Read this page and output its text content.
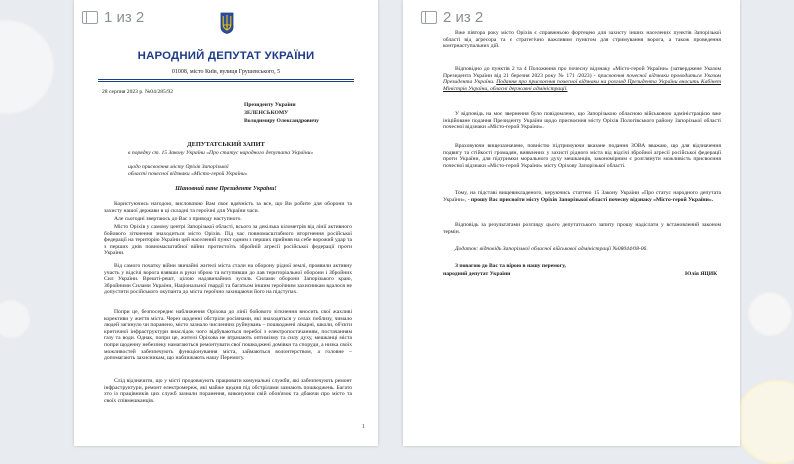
1 из 2
НАРОДНИЙ ДЕПУТАТ УКРАЇНИ
01008, місто Київ, вулиця Грушевського, 5
28 серпня 2023 р. №04/285/92
Президенту України
ЗЕЛЕНСЬКОМУ
Володимиру Олександровичу
ДЕПУТАТСЬКИЙ ЗАПИТ
в порядку ст. 15 Закону України «Про статус народного депутата України»
щодо присвоєння місту Оріхів Запорізької
області почесної відзнаки «Місто-герой України»
Шановний пане Президенте України!
Користуючись нагодою, висловлюю Вам своє вдячність за все, що Ви робите для оборони та захисту нашої держави в ці складні та героїчні для України часи.
Але сьогодні звертаюсь до Вас з приводу наступного.
Місто Оріхів у самому центрі Запорізької області, всього за декілька кілометрів від лінії активного бойового зіткнення знаходиться місто Оріхів. Під час повномасштабного вторгнення російської федерації на територію України цей населений пункт одним з перших прийняв на себе ворожий удар та з перших днів повномасштабної війни протистоїть збройній агресії російської федерації проти України.
Від самого початку війни звичайні жителі міста стали на оборону рідної землі, проявили активну участь у відсічі ворога взявши в руки зброю та вступивши до лав територіальної оборони і Збройних Сил України. Врешті-решт, цілою надзвичайних зусиль Силами оборони Запорізького краю, Збройними Силами України, Національної гвардії та багатьом іншим героїчним захисникам вдалося не допустити російського окупанта до міста героїчно захищаючи його на підступах.
Попри це, безпосереднє наближення Оріхова до лінії бойового зіткнення вносить свої жахливі корективи у життя міста. Через щоденні обстріли росіянами, які знаходяться у селах поблизу, чимало людей загинуло чи поранено, місто зазнало численних руйнувань – пошкоджені лікарні, школи, об'єкти критичної інфраструктури внаслідок чого відбуваються перебої з електропостачанням, постачанням газу та води. Однак, попри це, жителі Оріхова не втрачають оптимізму та силу духу, мешканці міста попри щоденну небезпеку намагаються ремонтувати свої пошкоджені домівки та споруди, а низка своїх можливостей забезпечують функціонування міста, займаються волонтерством, а головне – допомагають захисникам, що наближають нашу Перемогу.
Слід відзначити, що у місті продовжують працювати комунальні служби, які забезпечують ремонт інфраструктури, ремонт електромереж, які майже щодня під обстрілами зазнають пошкоджень. Багато хто із працівників цих служб зазнали поранення, виконуючи свій обов'язок та дбаючи про місто та своїх співмешканців.
1
2 из 2
Вже півтора року місто Оріхів є справжньою фортецею для захисту інших населених пунктів Запорізької області від агресора та є стратегічно важливим пунктом для стримування ворога, а також проведення контрнаступальних дій.
Відповідно до пунктів 2 та 4 Положення про почесну відзнаку «Місто-герой України» (затверджене Указом Президента України від 21 березня 2023 року № 171 /2023) - присвоєння почесної відзнаки проводиться Указом Президента України. Подання про присвоєння почесної відзнаки на розгляд Президента України вносить Кабінет Міністрів України, обласні державні адміністрації.
У відповідь на моє звернення було повідомлено, що Запорізькою обласною військовою адміністрацією вже ініційоване подання Президенту України щодо присвоєння місту Оріхів Пологівського району Запорізької області почесної відзнаки «Місто-герой України».
Враховуючи вищезазначене, повністю підтримуючи вказане подання ЗОВА вважаю, що для відзначення подвигу та стійкості громадян, виявлених у захисті рідного міста від відсічі збройної агресії російської федерації проти України, для підтримки морального духу мешканців, закономірним є розглянути можливість присвоєння почесної відзнаки «Місто-герой України» місту Оріхову Запорізької області.
Тому, на підставі вищевикладеного, керуючись статтею 15 Закону України «Про статус народного депутата України», - прошу Вас присвоїти місту Оріхів Запорізької області почесну відзнаку «Місто-герой України».
Відповідь за результатами розгляду цього депутатського запиту прошу надіслати у встановлений законом термін.
Додаток: відповідь Запорізької обласної військової адміністрації №08044/08-06.
З повагою до Вас та вірою в нашу перемогу,
народний депутат України	Юлія ЯЦИК
